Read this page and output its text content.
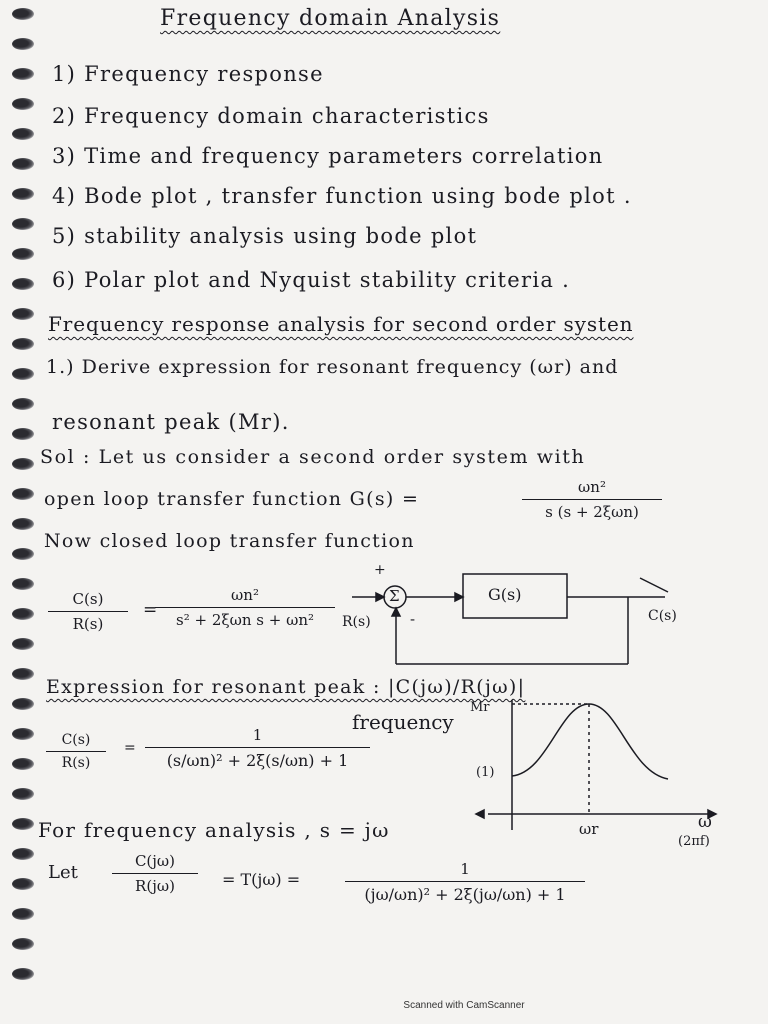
Frequency domain Analysis
1) Frequency response
2) Frequency domain characteristics
3) Time and frequency parameters correlation
4) Bode plot , transfer function using bode plot .
5) stability analysis using bode plot
6) Polar plot and Nyquist stability criteria .
Frequency response analysis for second order systen
1.) Derive expression for resonant frequency (ωr) and
resonant peak (Mr).
Sol : Let us consider a second order system with
open loop transfer function G(s) =
ωn²
s (s + 2ξωn)
Now closed loop transfer function
C(s)
R(s)
=
ωn²
s² + 2ξωn s + ωn²
Σ
+
-
R(s)
G(s)
C(s)
Expression for resonant peak : |C(jω)/R(jω)|
frequency
C(s)
R(s)
=
1
(s/ωn)² + 2ξ(s/ωn) + 1
(1)
Mr
ωr	ω
(2πf)
For frequency analysis , s = jω
Let
C(jω)
R(jω)	= T(jω) =
1
(jω/ωn)² + 2ξ(jω/ωn) + 1
Scanned with CamScanner
